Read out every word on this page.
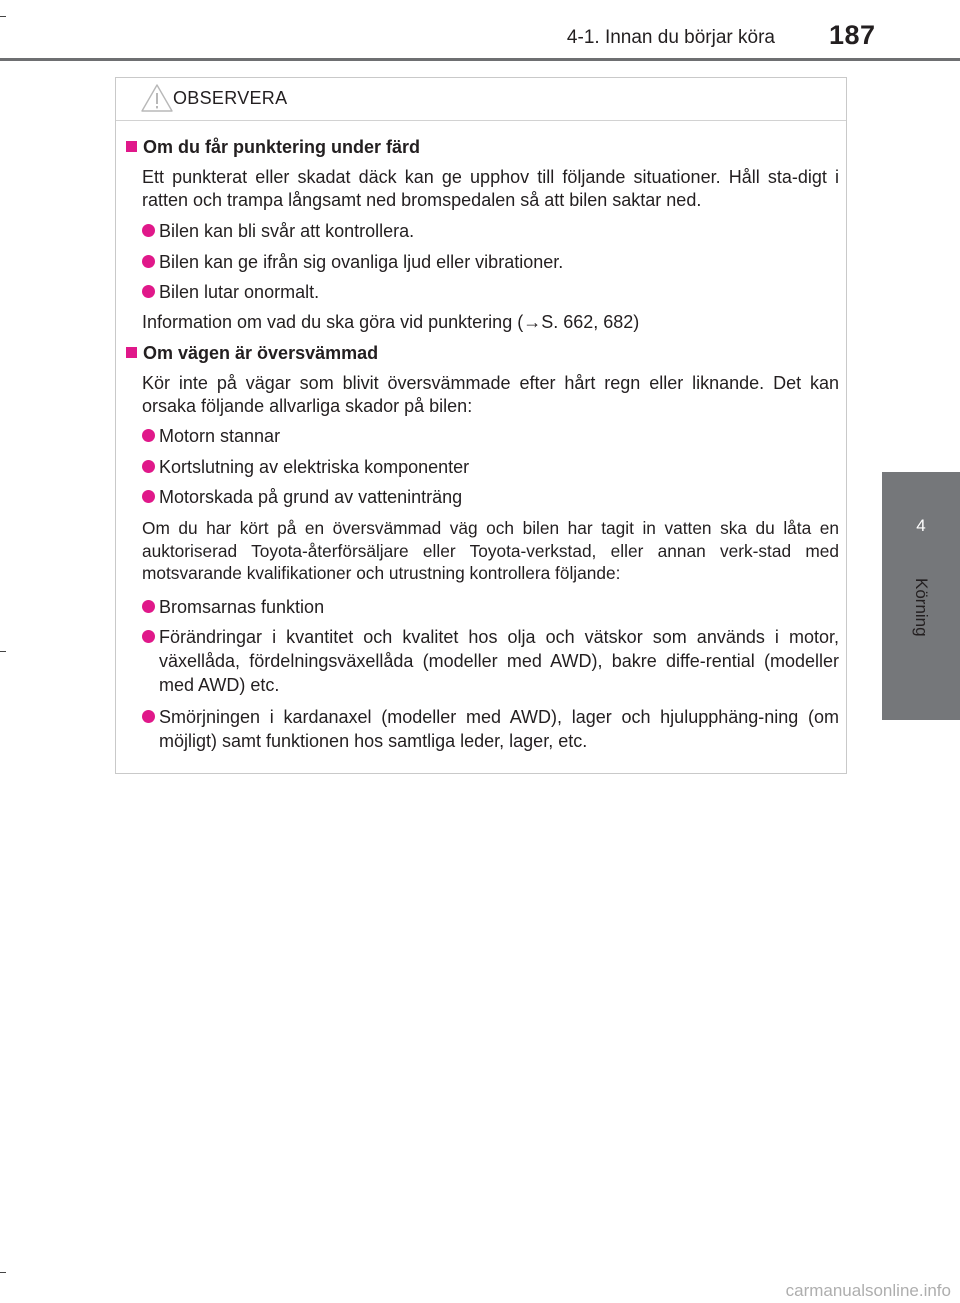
4-1. Innan du börjar köra 187
4
Körning
OBSERVERA
Om du får punktering under färd
Ett punkterat eller skadat däck kan ge upphov till följande situationer. Håll sta-digt i ratten och trampa långsamt ned bromspedalen så att bilen saktar ned.
Bilen kan bli svår att kontrollera.
Bilen kan ge ifrån sig ovanliga ljud eller vibrationer.
Bilen lutar onormalt.
Information om vad du ska göra vid punktering (→S. 662, 682)
Om vägen är översvämmad
Kör inte på vägar som blivit översvämmade efter hårt regn eller liknande. Det kan orsaka följande allvarliga skador på bilen:
Motorn stannar
Kortslutning av elektriska komponenter
Motorskada på grund av vatteninträng
Om du har kört på en översvämmad väg och bilen har tagit in vatten ska du låta en auktoriserad Toyota-återförsäljare eller Toyota-verkstad, eller annan verk-stad med motsvarande kvalifikationer och utrustning kontrollera följande:
Bromsarnas funktion
Förändringar i kvantitet och kvalitet hos olja och vätskor som används i motor, växellåda, fördelningsväxellåda (modeller med AWD), bakre diffe-rential (modeller med AWD) etc.
Smörjningen i kardanaxel (modeller med AWD), lager och hjulupphäng-ning (om möjligt) samt funktionen hos samtliga leder, lager, etc.
carmanualsonline.info
